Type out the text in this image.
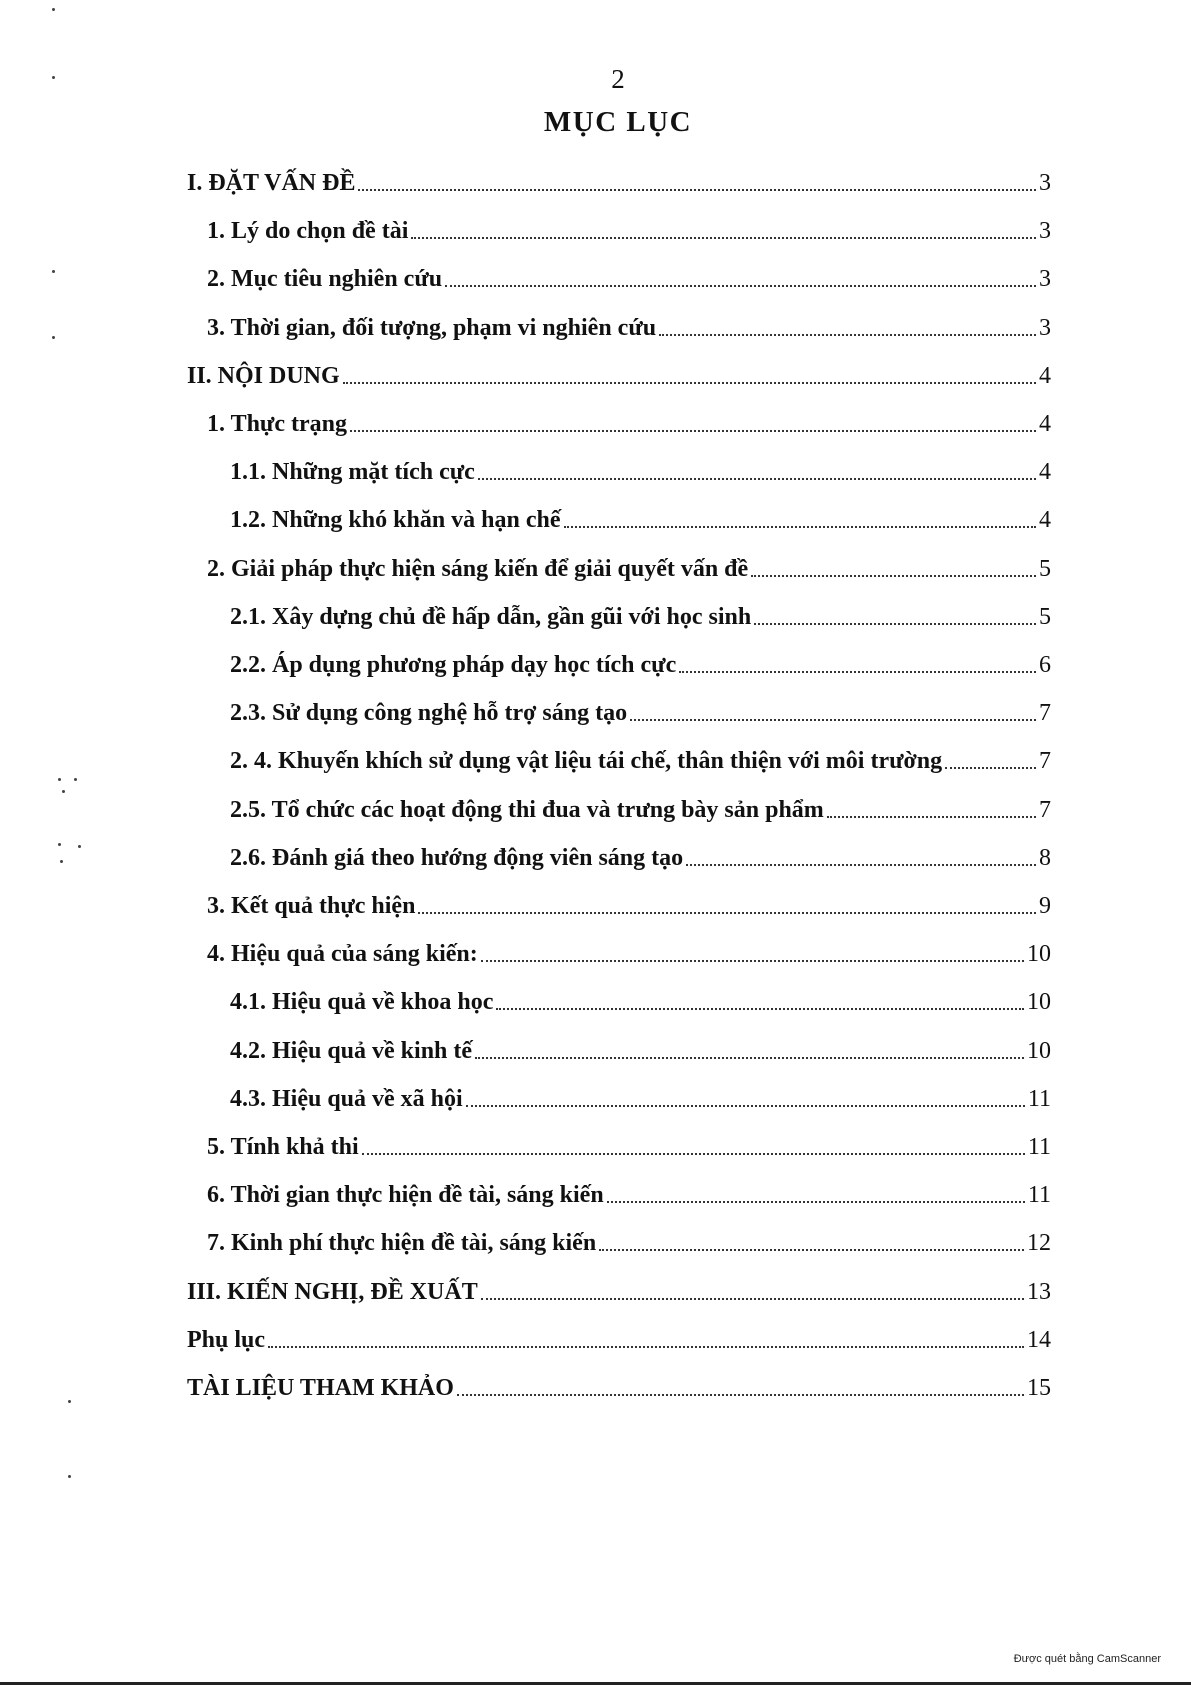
2
MỤC LỤC
I. ĐẶT VẤN ĐỀ	3
1. Lý do chọn đề tài	3
2. Mục tiêu nghiên cứu	3
3. Thời gian, đối tượng, phạm vi nghiên cứu	3
II. NỘI DUNG	4
1. Thực trạng	4
1.1. Những mặt tích cực	4
1.2. Những khó khăn và hạn chế	4
2. Giải pháp thực hiện sáng kiến để giải quyết vấn đề	5
2.1. Xây dựng chủ đề hấp dẫn, gần gũi với học sinh	5
2.2. Áp dụng phương pháp dạy học tích cực	6
2.3. Sử dụng công nghệ hỗ trợ sáng tạo	7
2. 4. Khuyến khích sử dụng vật liệu tái chế, thân thiện với môi trường	7
2.5. Tổ chức các hoạt động thi đua và trưng bày sản phẩm	7
2.6. Đánh giá theo hướng động viên sáng tạo	8
3. Kết quả thực hiện	9
4. Hiệu quả của sáng kiến:	10
4.1. Hiệu quả về khoa học	10
4.2. Hiệu quả về kinh tế	10
4.3. Hiệu quả về xã hội	11
5. Tính khả thi	11
6. Thời gian thực hiện đề tài, sáng kiến	11
7. Kinh phí thực hiện đề tài, sáng kiến	12
III. KIẾN NGHỊ, ĐỀ XUẤT	13
Phụ lục	14
TÀI LIỆU THAM KHẢO	15
Được quét bằng CamScanner
